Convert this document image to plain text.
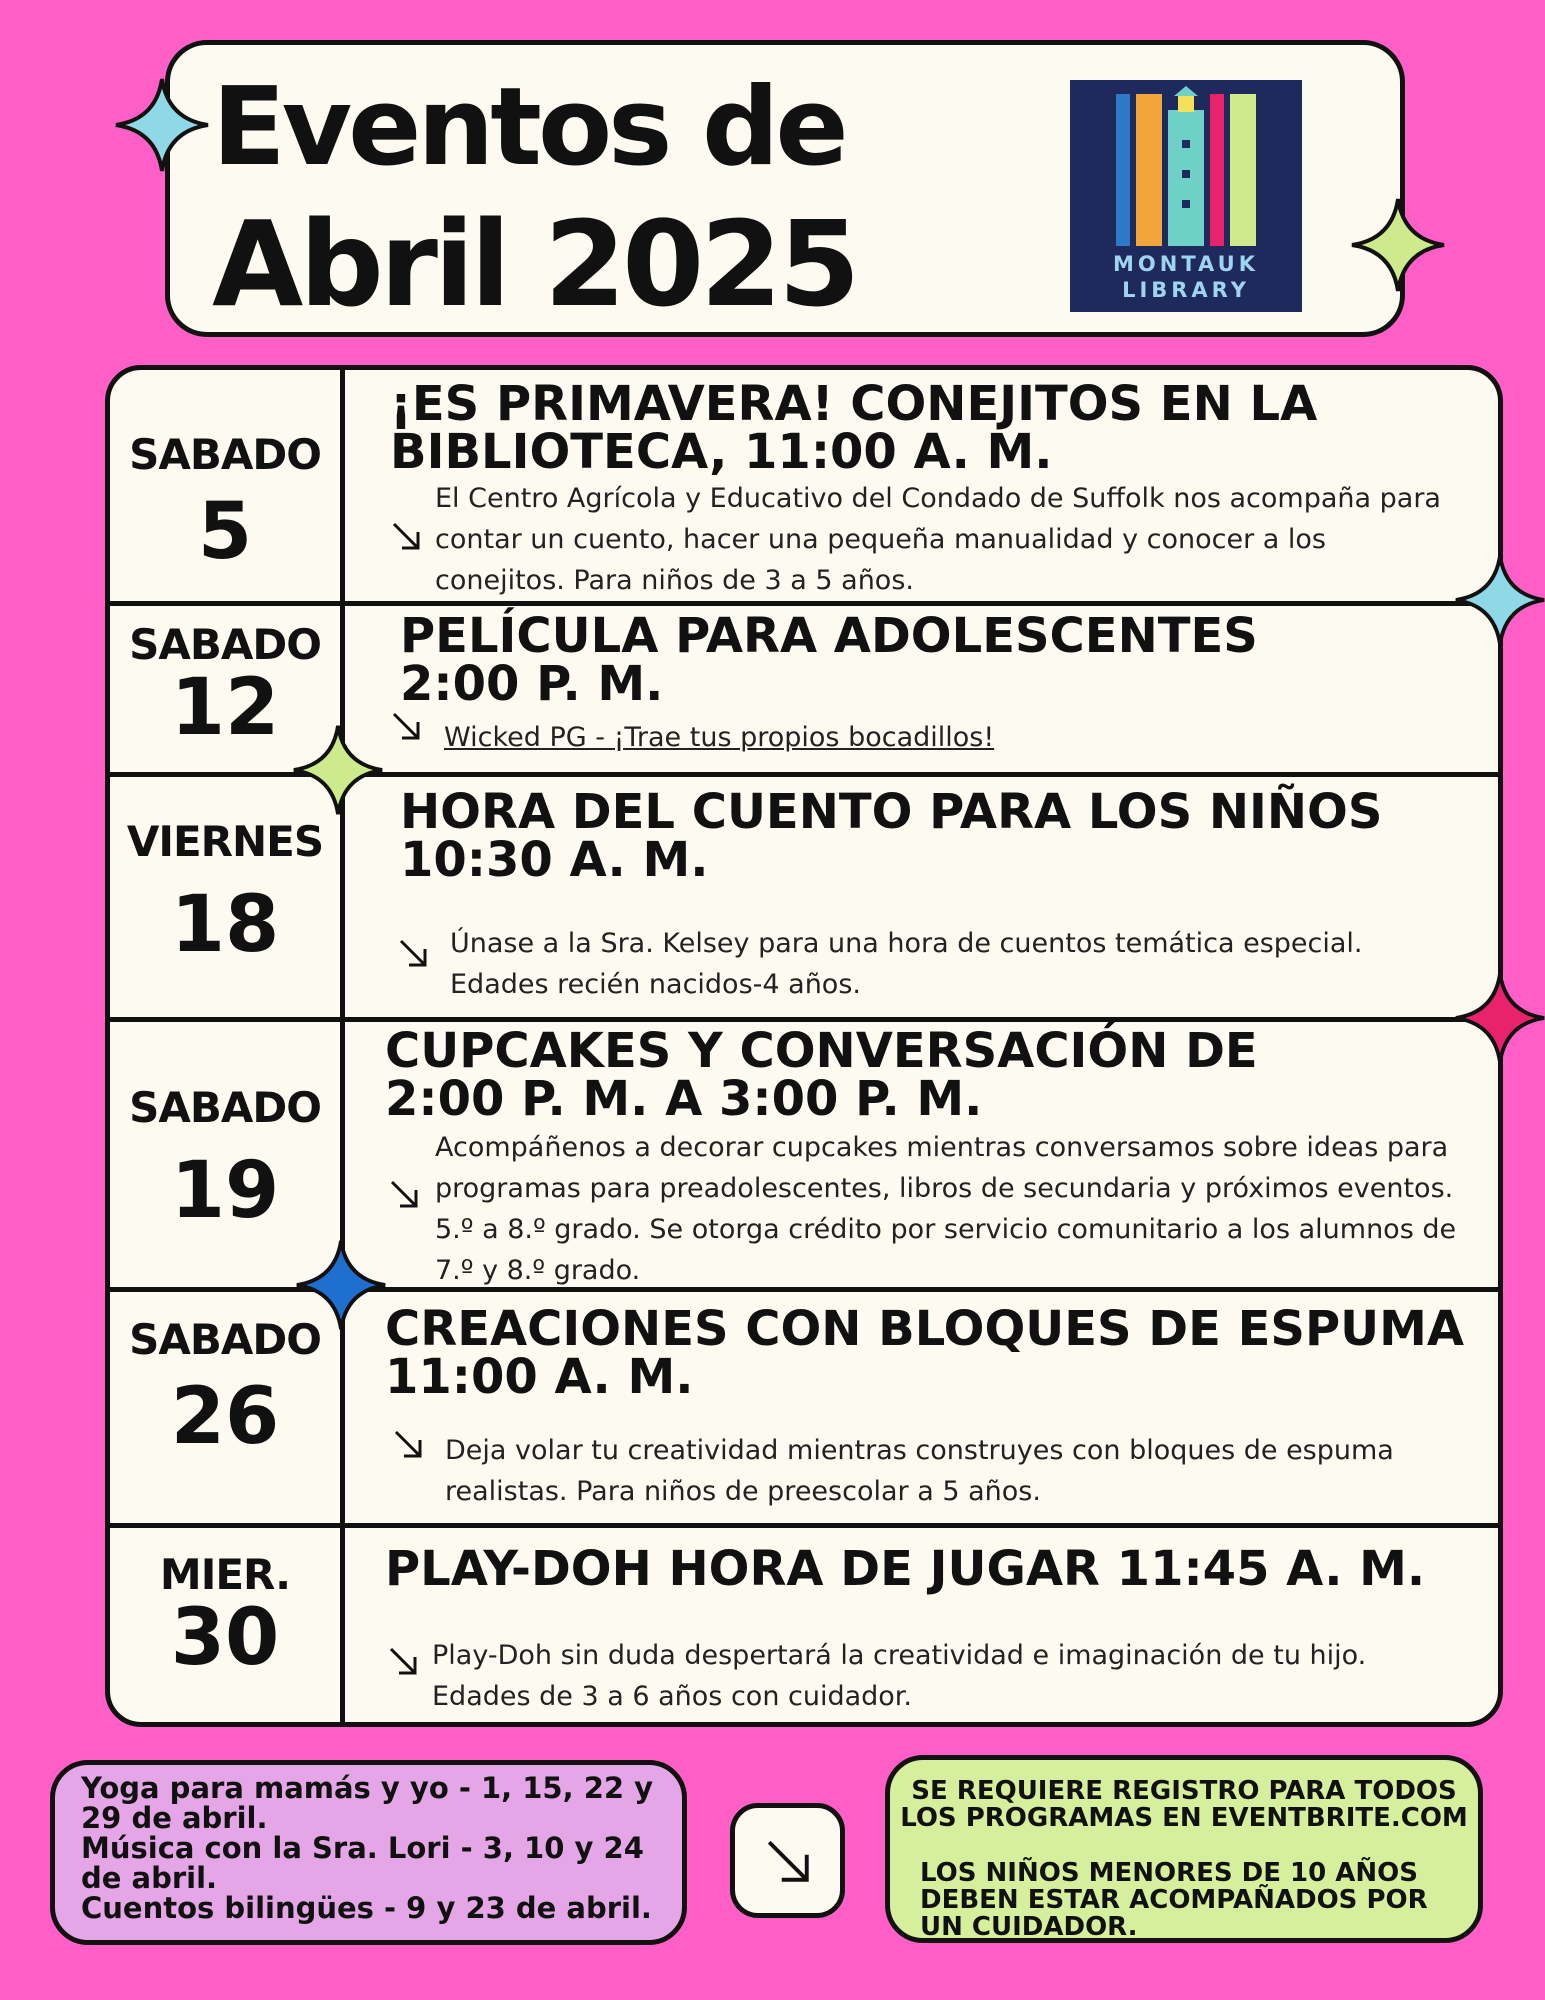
Eventos de
Abril 2025	MONTAUK
LIBRARY
SABADO
5
¡ES PRIMAVERA! CONEJITOS EN LA
BIBLIOTECA, 11:00 A. M.
El Centro Agrícola y Educativo del Condado de Suffolk nos acompaña para contar un cuento, hacer una pequeña manualidad y conocer a los conejitos. Para niños de 3 a 5 años.
SABADO
12
PELÍCULA PARA ADOLESCENTES
2:00 P. M.
Wicked PG - ¡Trae tus propios bocadillos!
VIERNES
18
HORA DEL CUENTO PARA LOS NIÑOS
10:30 A. M.
Únase a la Sra. Kelsey para una hora de cuentos temática especial. Edades recién nacidos-4 años.
SABADO
19
CUPCAKES Y CONVERSACIÓN DE
2:00 P. M. A 3:00 P. M.
Acompáñenos a decorar cupcakes mientras conversamos sobre ideas para programas para preadolescentes, libros de secundaria y próximos eventos. 5.º a 8.º grado. Se otorga crédito por servicio comunitario a los alumnos de 7.º y 8.º grado.
SABADO
26
CREACIONES CON BLOQUES DE ESPUMA
11:00 A. M.
Deja volar tu creatividad mientras construyes con bloques de espuma realistas. Para niños de preescolar a 5 años.
MIER.
30
PLAY-DOH HORA DE JUGAR 11:45 A. M.
Play-Doh sin duda despertará la creatividad e imaginación de tu hijo. Edades de 3 a 6 años con cuidador.
Yoga para mamás y yo - 1, 15, 22 y 29 de abril.
Música con la Sra. Lori - 3, 10 y 24 de abril.
Cuentos bilingües - 9 y 23 de abril.
SE REQUIERE REGISTRO PARA TODOS LOS PROGRAMAS EN EVENTBRITE.COM
LOS NIÑOS MENORES DE 10 AÑOS DEBEN ESTAR ACOMPAÑADOS POR UN CUIDADOR.
